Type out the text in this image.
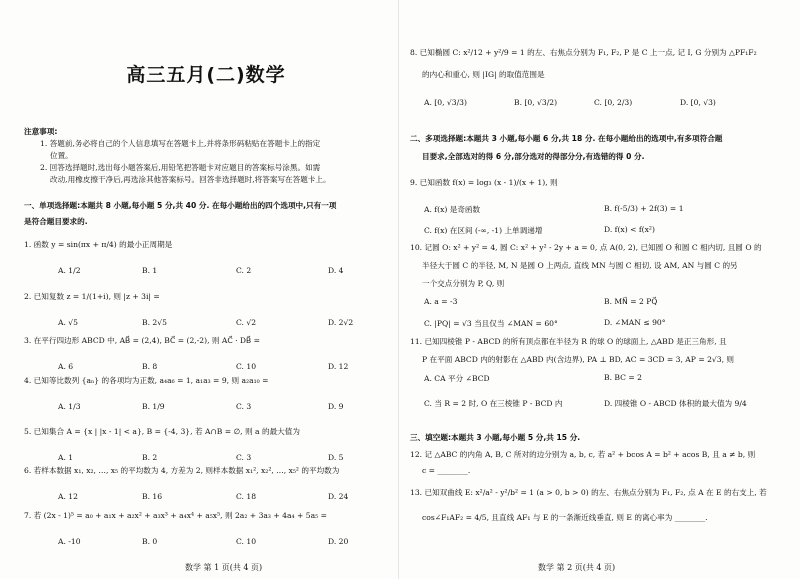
高三五月(二)数学
注意事项:
1. 答题前,务必将自己的个人信息填写在答题卡上,并将条形码粘贴在答题卡上的指定
位置。
2. 回答选择题时,选出每小题答案后,用铅笔把答题卡对应题目的答案标号涂黑。如需
改动,用橡皮擦干净后,再选涂其他答案标号。回答非选择题时,将答案写在答题卡上。
一、单项选择题:本题共 8 小题,每小题 5 分,共 40 分. 在每小题给出的四个选项中,只有一项
是符合题目要求的.
1. 函数 y = sin(πx + π/4) 的最小正周期是
A. 1/2	B. 1	C. 2	D. 4
2. 已知复数 z = 1/(1+i), 则 |z + 3i| =
A. √5	B. 2√5	C. √2	D. 2√2
3. 在平行四边形 ABCD 中, AB⃗ = (2,4), BC⃗ = (2,-2), 则 AC⃗ · DB⃗ =
A. 6	B. 8	C. 10	D. 12
4. 已知等比数列 {aₙ} 的各项均为正数, a₄a₆ = 1, a₁a₃ = 9, 则 a₂a₁₀ =
A. 1/3	B. 1/9	C. 3	D. 9
5. 已知集合 A = {x | |x - 1| < a}, B = {-4, 3}, 若 A∩B = ∅, 则 a 的最大值为
A. 1	B. 2	C. 3	D. 5
6. 若样本数据 x₁, x₂, …, x₅ 的平均数为 4, 方差为 2, 则样本数据 x₁², x₂², …, x₅² 的平均数为
A. 12	B. 16	C. 18	D. 24
7. 若 (2x - 1)⁵ = a₀ + a₁x + a₂x² + a₃x³ + a₄x⁴ + a₅x⁵, 则 2a₂ + 3a₃ + 4a₄ + 5a₅ =
A. -10	B. 0	C. 10	D. 20
数学 第 1 页(共 4 页)
8. 已知椭圆 C: x²/12 + y²/9 = 1 的左、右焦点分别为 F₁, F₂, P 是 C 上一点, 记 I, G 分别为 △PF₁F₂
的内心和重心, 则 |IG| 的取值范围是
A. [0, √3/3)	B. [0, √3/2)	C. [0, 2/3)	D. [0, √3)
二、多项选择题:本题共 3 小题,每小题 6 分,共 18 分. 在每小题给出的选项中,有多项符合题
目要求,全部选对的得 6 分,部分选对的得部分分,有选错的得 0 分.
9. 已知函数 f(x) = log₃ (x - 1)/(x + 1), 则
A. f(x) 是奇函数	B. f(-5/3) + 2f(3) = 1
C. f(x) 在区间 (-∞, -1) 上单调递增	D. f(x) < f(x²)
10. 记圆 O: x² + y² = 4, 圆 C: x² + y² - 2y + a = 0, 点 A(0, 2), 已知圆 O 和圆 C 相内切, 且圆 O 的
半径大于圆 C 的半径, M, N 是圆 O 上两点, 直线 MN 与圆 C 相切, 设 AM, AN 与圆 C 的另
一个交点分别为 P, Q, 则
A. a = -3	B. MN⃗ = 2 PQ⃗
C. |PQ| = √3 当且仅当 ∠MAN = 60°	D. ∠MAN ≤ 90°
11. 已知四棱锥 P - ABCD 的所有顶点都在半径为 R 的球 O 的球面上, △ABD 是正三角形, 且
P 在平面 ABCD 内的射影在 △ABD 内(含边界), PA ⊥ BD, AC = 3CD = 3, AP = 2√3, 则
A. CA 平分 ∠BCD	B. BC = 2
C. 当 R = 2 时, O 在三棱锥 P - BCD 内	D. 四棱锥 O - ABCD 体积的最大值为 9/4
三、填空题:本题共 3 小题,每小题 5 分,共 15 分.
12. 记 △ABC 的内角 A, B, C 所对的边分别为 a, b, c, 若 a² + bcos A = b² + acos B, 且 a ≠ b, 则
c = ________.
13. 已知双曲线 E: x²/a² - y²/b² = 1 (a > 0, b > 0) 的左、右焦点分别为 F₁, F₂, 点 A 在 E 的右支上, 若
cos∠F₁AF₂ = 4/5, 且直线 AF₁ 与 E 的一条渐近线垂直, 则 E 的离心率为 ________.
数学 第 2 页(共 4 页)
